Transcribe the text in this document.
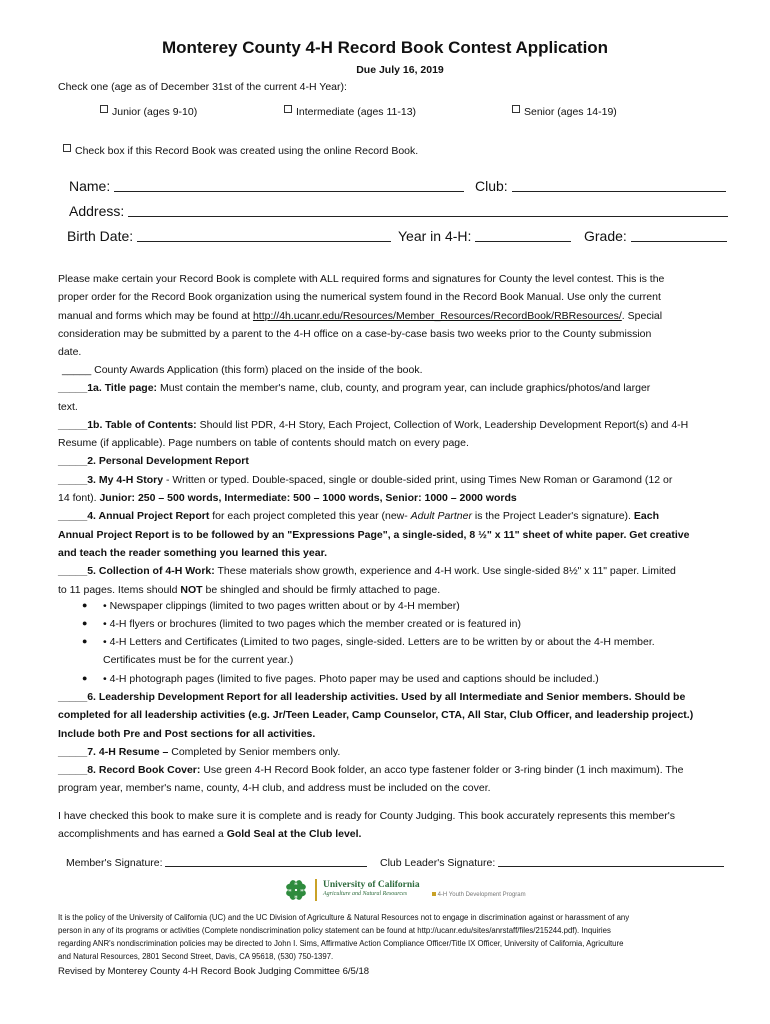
Monterey County 4-H Record Book Contest Application
Due July 16, 2019
Check one (age as of December 31st of the current 4-H Year):
Junior (ages 9-10)	Intermediate (ages 11-13)	Senior (ages 14-19)
Check box if this Record Book was created using the online Record Book.
Name:	Club:
Address:
Birth Date:	Year in 4-H:	Grade:
Please make certain your Record Book is complete with ALL required forms and signatures for County the level contest. This is the
proper order for the Record Book organization using the numerical system found in the Record Book Manual. Use only the current
manual and forms which may be found at http://4h.ucanr.edu/Resources/Member_Resources/RecordBook/RBResources/. Special
consideration may be submitted by a parent to the 4-H office on a case-by-case basis two weeks prior to the County submission
date.
_____ County Awards Application (this form) placed on the inside of the book.
_____1a. Title page: Must contain the member's name, club, county, and program year, can include graphics/photos/and larger
text.
_____1b. Table of Contents: Should list PDR, 4-H Story, Each Project, Collection of Work, Leadership Development Report(s) and 4-H
Resume (if applicable). Page numbers on table of contents should match on every page.
_____2. Personal Development Report
_____3. My 4-H Story - Written or typed. Double-spaced, single or double-sided print, using Times New Roman or Garamond (12 or
14 font). Junior: 250 – 500 words, Intermediate: 500 – 1000 words, Senior: 1000 – 2000 words
_____4. Annual Project Report for each project completed this year (new- Adult Partner is the Project Leader's signature). Each
Annual Project Report is to be followed by an "Expressions Page", a single-sided, 8 ½" x 11" sheet of white paper. Get creative
and teach the reader something you learned this year.
_____5. Collection of 4-H Work: These materials show growth, experience and 4-H work. Use single-sided 8½" x 11" paper. Limited
to 11 pages. Items should NOT be shingled and should be firmly attached to page.
● • Newspaper clippings (limited to two pages written about or by 4-H member)
● • 4-H flyers or brochures (limited to two pages which the member created or is featured in)
● • 4-H Letters and Certificates (Limited to two pages, single-sided. Letters are to be written by or about the 4-H member.
Certificates must be for the current year.)
● • 4-H photograph pages (limited to five pages. Photo paper may be used and captions should be included.)
_____6. Leadership Development Report for all leadership activities. Used by all Intermediate and Senior members. Should be
completed for all leadership activities (e.g. Jr/Teen Leader, Camp Counselor, CTA, All Star, Club Officer, and leadership project.)
Include both Pre and Post sections for all activities.
_____7. 4-H Resume – Completed by Senior members only.
_____8. Record Book Cover: Use green 4-H Record Book folder, an acco type fastener folder or 3-ring binder (1 inch maximum). The
program year, member's name, county, 4-H club, and address must be included on the cover.
I have checked this book to make sure it is complete and is ready for County Judging. This book accurately represents this member's
accomplishments and has earned a Gold Seal at the Club level.
Member's Signature:	Club Leader's Signature:
H
H
H
H	University of California
Agriculture and Natural Resources	4-H Youth Development Program
It is the policy of the University of California (UC) and the UC Division of Agriculture & Natural Resources not to engage in discrimination against or harassment of any
person in any of its programs or activities (Complete nondiscrimination policy statement can be found at http://ucanr.edu/sites/anrstaff/files/215244.pdf). Inquiries
regarding ANR's nondiscrimination policies may be directed to John I. Sims, Affirmative Action Compliance Officer/Title IX Officer, University of California, Agriculture
and Natural Resources, 2801 Second Street, Davis, CA 95618, (530) 750-1397.
Revised by Monterey County 4-H Record Book Judging Committee 6/5/18
